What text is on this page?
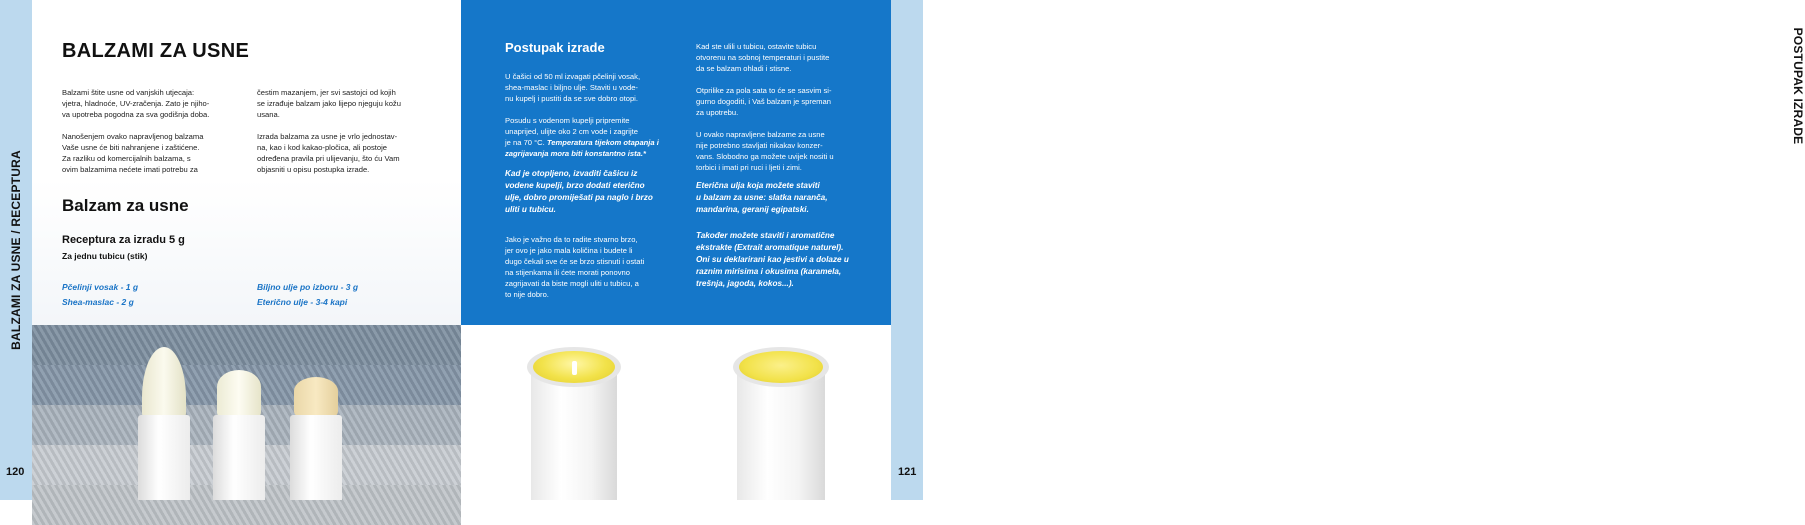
BALZAMI ZA USNE / RECEPTURA
120
POSTUPAK IZRADE
121
BALZAMI ZA USNE
Balzami štite usne od vanjskih utjecaja:
vjetra, hladnoće, UV-zračenja. Zato je njiho-
va upotreba pogodna za sva godišnja doba.
Nanošenjem ovako napravljenog balzama
Vaše usne će biti nahranjene i zaštićene.
Za razliku od komercijalnih balzama, s
ovim balzamima nećete imati potrebu za
čestim mazanjem, jer svi sastojci od kojih
se izrađuje balzam jako lijepo njeguju kožu
usana.
Izrada balzama za usne je vrlo jednostav-
na, kao i kod kakao-pločica, ali postoje
određena pravila pri ulijevanju, što ću Vam
objasniti u opisu postupka izrade.
Balzam za usne
Receptura za izradu 5 g
Za jednu tubicu (stik)
Pčelinji vosak - 1 g
Shea-maslac - 2 g
Biljno ulje po izboru - 3 g
Eterično ulje - 3-4 kapi
Postupak izrade
U čašici od 50 ml izvagati pčelinji vosak,
shea-maslac i biljno ulje. Staviti u vode-
nu kupelj i pustiti da se sve dobro otopi.
Posudu s vodenom kupelji pripremite
unaprijed, ulijte oko 2 cm vode i zagrijte
je na 70 °C. Temperatura tijekom otapanja i
zagrijavanja mora biti konstantno ista.*
Kad je otopljeno, izvaditi čašicu iz
vodene kupelji, brzo dodati eterično
ulje, dobro promiješati pa naglo i brzo
uliti u tubicu.
Jako je važno da to radite stvarno brzo,
jer ovo je jako mala količina i budete li
dugo čekali sve će se brzo stisnuti i ostati
na stijenkama ili ćete morati ponovno
zagrijavati da biste mogli uliti u tubicu, a
to nije dobro.
Kad ste ulili u tubicu, ostavite tubicu
otvorenu na sobnoj temperaturi i pustite
da se balzam ohladi i stisne.
Otprilike za pola sata to će se sasvim si-
gurno dogoditi, i Vaš balzam je spreman
za upotrebu.
U ovako napravljene balzame za usne
nije potrebno stavljati nikakav konzer-
vans. Slobodno ga možete uvijek nositi u
torbici i imati pri ruci i ljeti i zimi.
Eterična ulja koja možete staviti
u balzam za usne: slatka naranča,
mandarina, geranij egipatski.
Također možete staviti i aromatične
ekstrakte (Extrait aromatique naturel).
Oni su deklarirani kao jestivi a dolaze u
raznim mirisima i okusima (karamela,
trešnja, jagoda, kokos...).
